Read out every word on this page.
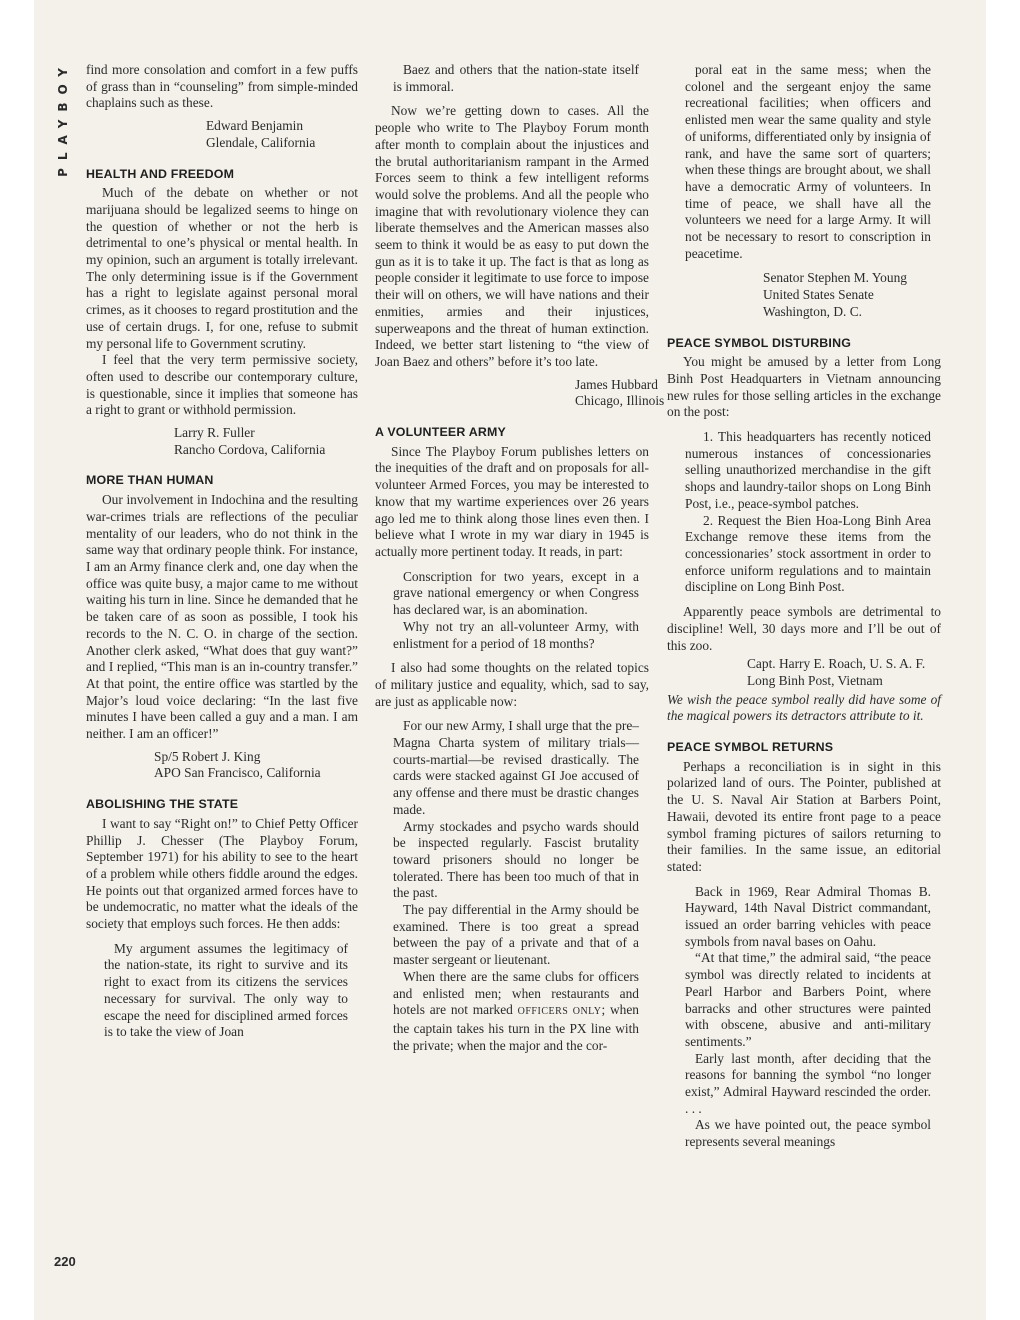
PLAYBOY
220

find more consolation and comfort in a few puffs of grass than in “counseling” from simple-minded chaplains such as these.

Edward Benjamin
Glendale, California
HEALTH AND FREEDOM

Much of the debate on whether or not marijuana should be legalized seems to hinge on the question of whether or not the herb is detrimental to one’s physical or mental health. In my opinion, such an argument is totally irrelevant. The only determining issue is if the Government has a right to legislate against personal moral crimes, as it chooses to regard prostitution and the use of certain drugs. I, for one, refuse to submit my personal life to Government scrutiny.

I feel that the very term permissive society, often used to describe our contemporary culture, is questionable, since it implies that someone has a right to grant or withhold permission.

Larry R. Fuller
Rancho Cordova, California
MORE THAN HUMAN

Our involvement in Indochina and the resulting war-crimes trials are reflections of the peculiar mentality of our leaders, who do not think in the same way that ordinary people think. For instance, I am an Army finance clerk and, one day when the office was quite busy, a major came to me without waiting his turn in line. Since he demanded that he be taken care of as soon as possible, I took his records to the N. C. O. in charge of the section. Another clerk asked, “What does that guy want?” and I replied, “This man is an in-country transfer.” At that point, the entire office was startled by the Major’s loud voice declaring: “In the last five minutes I have been called a guy and a man. I am neither. I am an officer!”

Sp/5 Robert J. King
APO San Francisco, California
ABOLISHING THE STATE

I want to say “Right on!” to Chief Petty Officer Phillip J. Chesser (The Playboy Forum, September 1971) for his ability to see to the heart of a problem while others fiddle around the edges. He points out that organized armed forces have to be undemocratic, no matter what the ideals of the society that employs such forces. He then adds:

My argument assumes the legitimacy of the nation-state, its right to survive and its right to exact from its citizens the services necessary for survival. The only way to escape the need for disciplined armed forces is to take the view of Joan

Baez and others that the nation-state itself is immoral.

Now we’re getting down to cases. All the people who write to The Playboy Forum month after month to complain about the injustices and the brutal authoritarianism rampant in the Armed Forces seem to think a few intelligent reforms would solve the problems. And all the people who imagine that with revolutionary violence they can liberate themselves and the American masses also seem to think it would be as easy to put down the gun as it is to take it up. The fact is that as long as people consider it legitimate to use force to impose their will on others, we will have nations and their enmities, armies and their injustices, superweapons and the threat of human extinction. Indeed, we better start listening to “the view of Joan Baez and others” before it’s too late.

James Hubbard
Chicago, Illinois
A VOLUNTEER ARMY

Since The Playboy Forum publishes letters on the inequities of the draft and on proposals for all-volunteer Armed Forces, you may be interested to know that my wartime experiences over 26 years ago led me to think along those lines even then. I believe what I wrote in my war diary in 1945 is actually more pertinent today. It reads, in part:

Conscription for two years, except in a grave national emergency or when Congress has declared war, is an abomination.

Why not try an all-volunteer Army, with enlistment for a period of 18 months?

I also had some thoughts on the related topics of military justice and equality, which, sad to say, are just as applicable now:

For our new Army, I shall urge that the pre–Magna Charta system of military trials—courts-martial—be revised drastically. The cards were stacked against GI Joe accused of any offense and there must be drastic changes made.

Army stockades and psycho wards should be inspected regularly. Fascist brutality toward prisoners should no longer be tolerated. There has been too much of that in the past.

The pay differential in the Army should be examined. There is too great a spread between the pay of a private and that of a master sergeant or lieutenant.

When there are the same clubs for officers and enlisted men; when restaurants and hotels are not marked OFFICERS ONLY; when the captain takes his turn in the PX line with the private; when the major and the cor-

poral eat in the same mess; when the colonel and the sergeant enjoy the same recreational facilities; when officers and enlisted men wear the same quality and style of uniforms, differentiated only by insignia of rank, and have the same sort of quarters; when these things are brought about, we shall have a democratic Army of volunteers. In time of peace, we shall have all the volunteers we need for a large Army. It will not be necessary to resort to conscription in peacetime.

Senator Stephen M. Young
United States Senate
Washington, D. C.
PEACE SYMBOL DISTURBING

You might be amused by a letter from Long Binh Post Headquarters in Vietnam announcing new rules for those selling articles in the exchange on the post:

1. This headquarters has recently noticed numerous instances of concessionaries selling unauthorized merchandise in the gift shops and laundry-tailor shops on Long Binh Post, i.e., peace-symbol patches.

2. Request the Bien Hoa-Long Binh Area Exchange remove these items from the concessionaries’ stock assortment in order to enforce uniform regulations and to maintain discipline on Long Binh Post.

Apparently peace symbols are detrimental to discipline! Well, 30 days more and I’ll be out of this zoo.

Capt. Harry E. Roach, U. S. A. F.
Long Binh Post, Vietnam

We wish the peace symbol really did have some of the magical powers its detractors attribute to it.

PEACE SYMBOL RETURNS

Perhaps a reconciliation is in sight in this polarized land of ours. The Pointer, published at the U. S. Naval Air Station at Barbers Point, Hawaii, devoted its entire front page to a peace symbol framing pictures of sailors returning to their families. In the same issue, an editorial stated:

Back in 1969, Rear Admiral Thomas B. Hayward, 14th Naval District commandant, issued an order barring vehicles with peace symbols from naval bases on Oahu.

“At that time,” the admiral said, “the peace symbol was directly related to incidents at Pearl Harbor and Barbers Point, where barracks and other structures were painted with obscene, abusive and anti-military sentiments.”

Early last month, after deciding that the reasons for banning the symbol “no longer exist,” Admiral Hayward rescinded the order. . . .

As we have pointed out, the peace symbol represents several meanings
